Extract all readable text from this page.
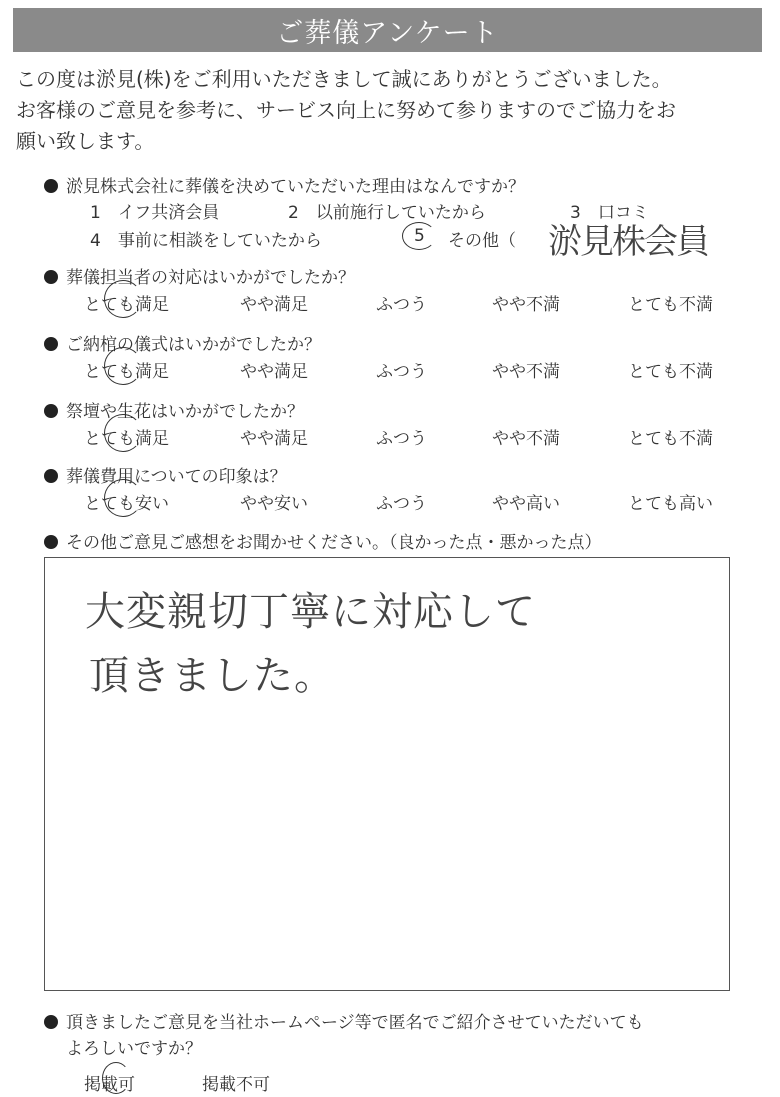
ご葬儀アンケート
この度は淤見(株)をご利用いただきまして誠にありがとうございました。
お客様のご意見を参考に、サービス向上に努めて参りますのでご協力をお
願い致します。
淤見株式会社に葬儀を決めていただいた理由はなんですか？
1　イフ共済会員	2　以前施行していたから	3　口コミ
4　事前に相談をしていたから	5 その他（ 淤見株会員
葬儀担当者の対応はいかがでしたか？
とても満足	やや満足	ふつう	やや不満	とても不満
ご納棺の儀式はいかがでしたか？
とても満足	やや満足	ふつう	やや不満	とても不満
祭壇や生花はいかがでしたか？
とても満足	やや満足	ふつう	やや不満	とても不満
葬儀費用についての印象は？
とても安い	やや安い	ふつう	やや高い	とても高い
その他ご意見ご感想をお聞かせください。（良かった点・悪かった点）
大変親切丁寧に対応して
頂きました。
頂きましたご意見を当社ホームページ等で匿名でご紹介させていただいても
よろしいですか？
掲載可	掲載不可
